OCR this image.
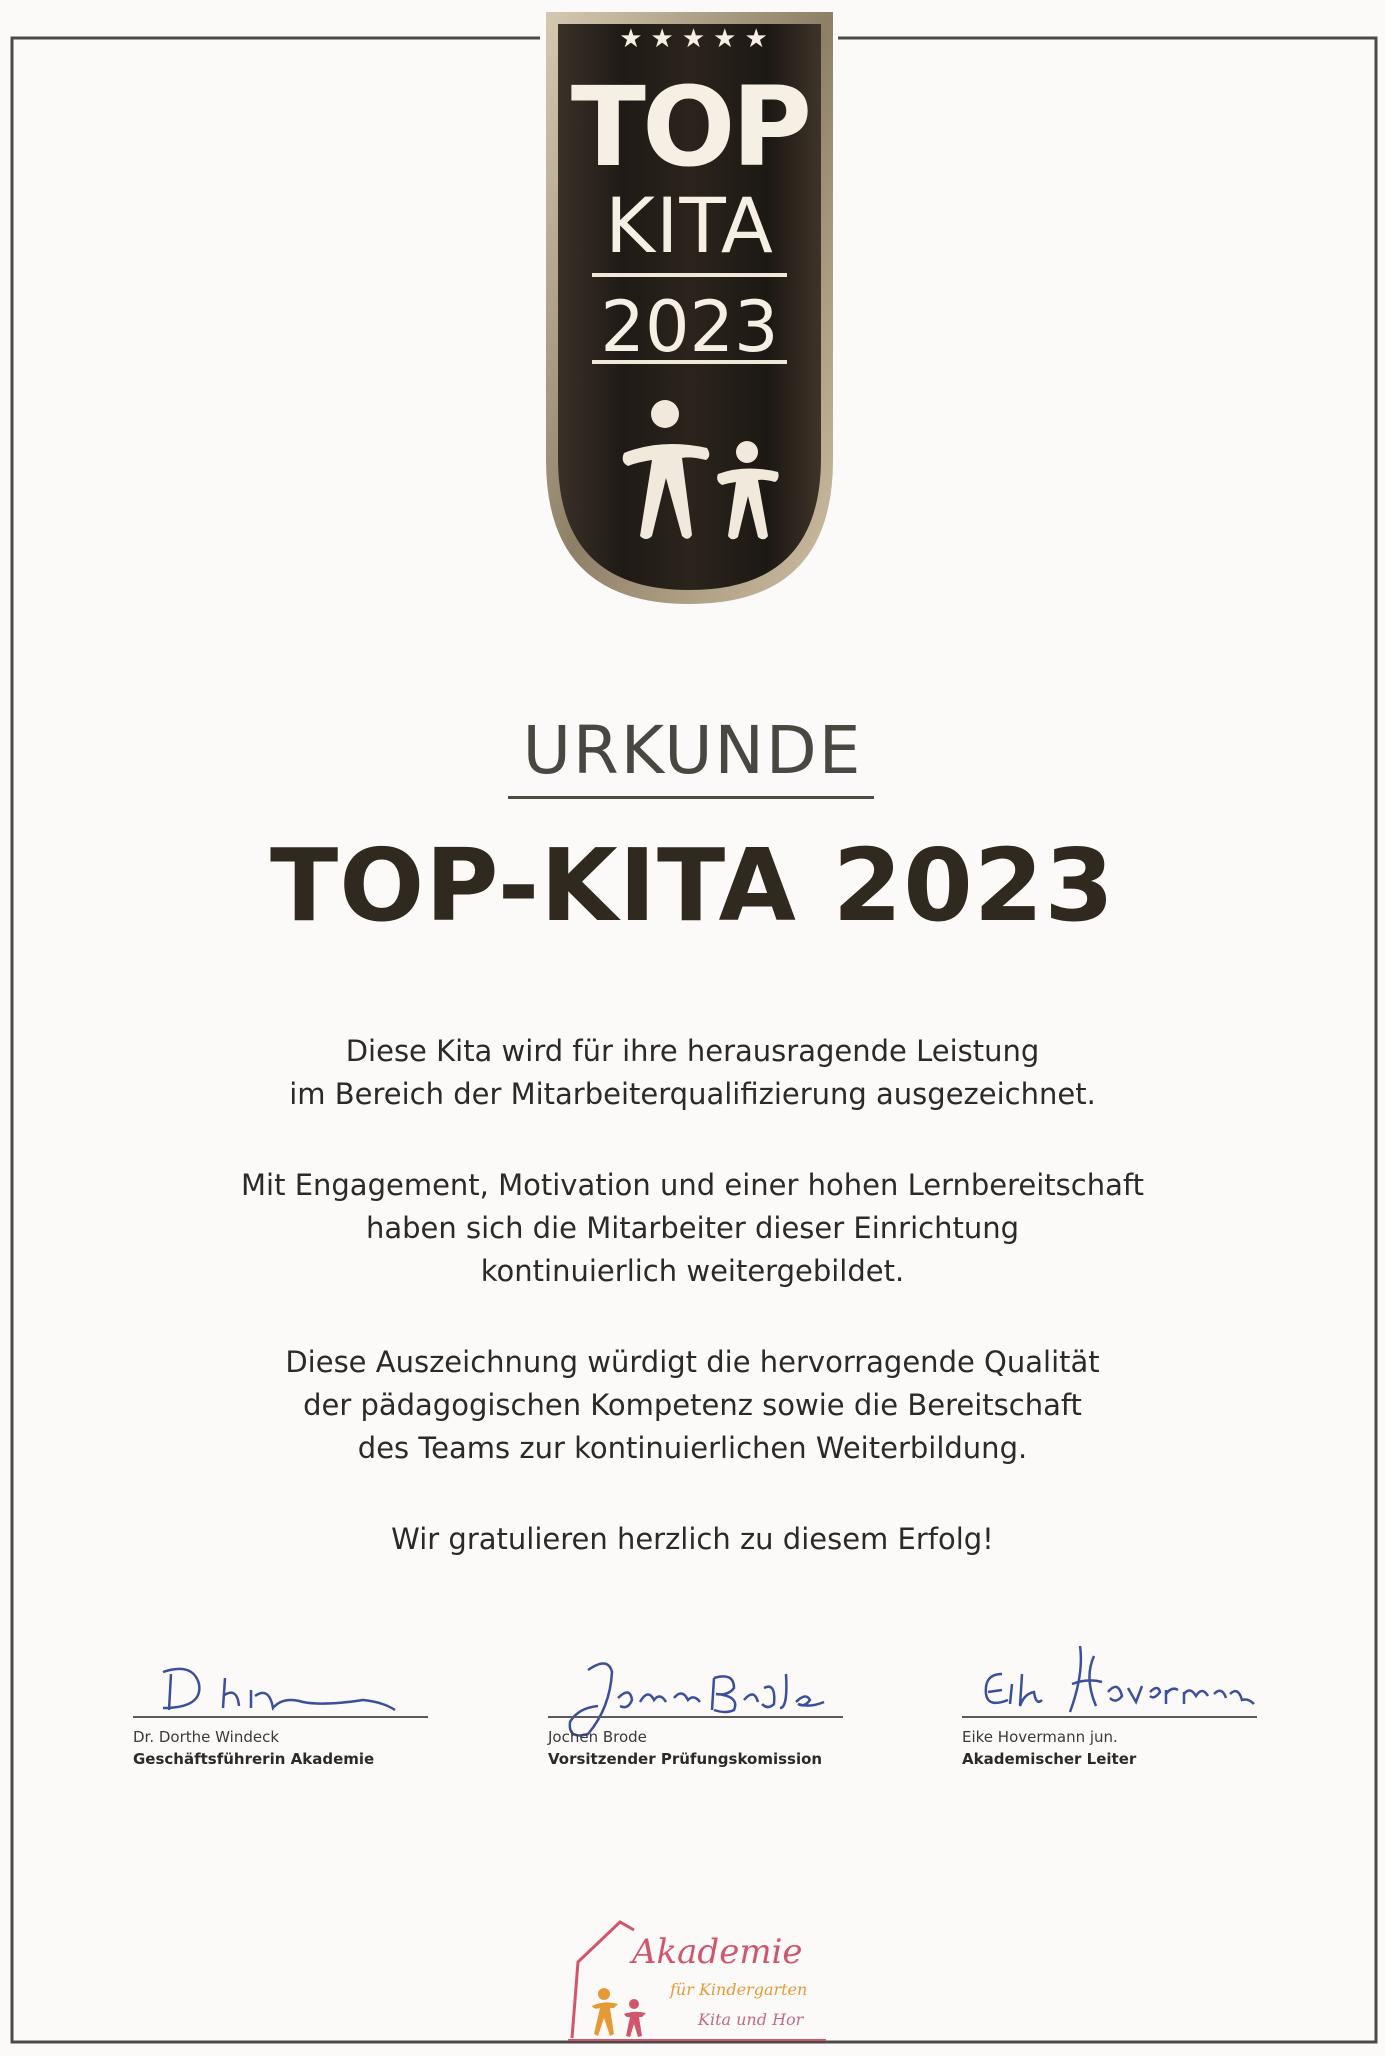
★★★★★
TOP
KITA
2023
URKUNDE
TOP-KITA 2023
Diese Kita wird für ihre herausragende Leistung
im Bereich der Mitarbeiterqualifizierung ausgezeichnet.
Mit Engagement, Motivation und einer hohen Lernbereitschaft
haben sich die Mitarbeiter dieser Einrichtung
kontinuierlich weitergebildet.
Diese Auszeichnung würdigt die hervorragende Qualität
der pädagogischen Kompetenz sowie die Bereitschaft
des Teams zur kontinuierlichen Weiterbildung.
Wir gratulieren herzlich zu diesem Erfolg!
Dr. Dorthe Windeck
Geschäftsführerin Akademie
Jochen Brode
Vorsitzender Prüfungskomission
Eike Hovermann jun.
Akademischer Leiter
Akademie
für Kindergarten
Kita und Hor
